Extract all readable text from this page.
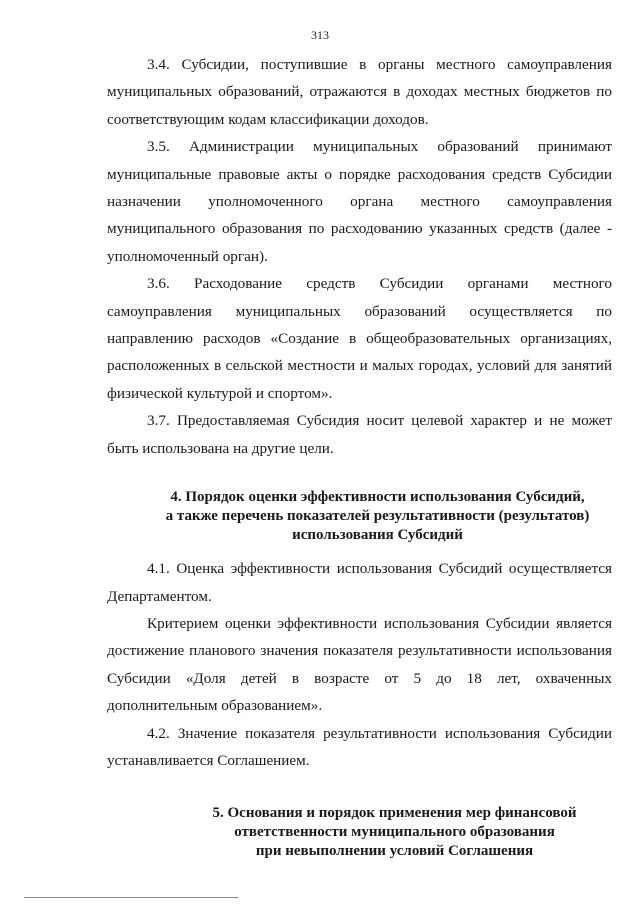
313

3.4. Субсидии, поступившие в органы местного самоуправления муниципальных образований, отражаются в доходах местных бюджетов по соответствующим кодам классификации доходов.

3.5. Администрации муниципальных образований принимают муниципальные правовые акты о порядке расходования средств Субсидии назначении уполномоченного органа местного самоуправления муниципального образования по расходованию указанных средств (далее - уполномоченный орган).

3.6. Расходование средств Субсидии органами местного самоуправления муниципальных образований осуществляется по направлению расходов «Создание в общеобразовательных организациях, расположенных в сельской местности и малых городах, условий для занятий физической культурой и спортом».

3.7. Предоставляемая Субсидия носит целевой характер и не может быть использована на другие цели.

4. Порядок оценки эффективности использования Субсидий,
а также перечень показателей результативности (результатов)
использования Субсидий

4.1. Оценка эффективности использования Субсидий осуществляется Департаментом.

Критерием оценки эффективности использования Субсидии является достижение планового значения показателя результативности использования Субсидии «Доля детей в возрасте от 5 до 18 лет, охваченных дополнительным образованием».

4.2. Значение показателя результативности использования Субсидии устанавливается Соглашением.

5. Основания и порядок применения мер финансовой
ответственности муниципального образования
при невыполнении условий Соглашения
